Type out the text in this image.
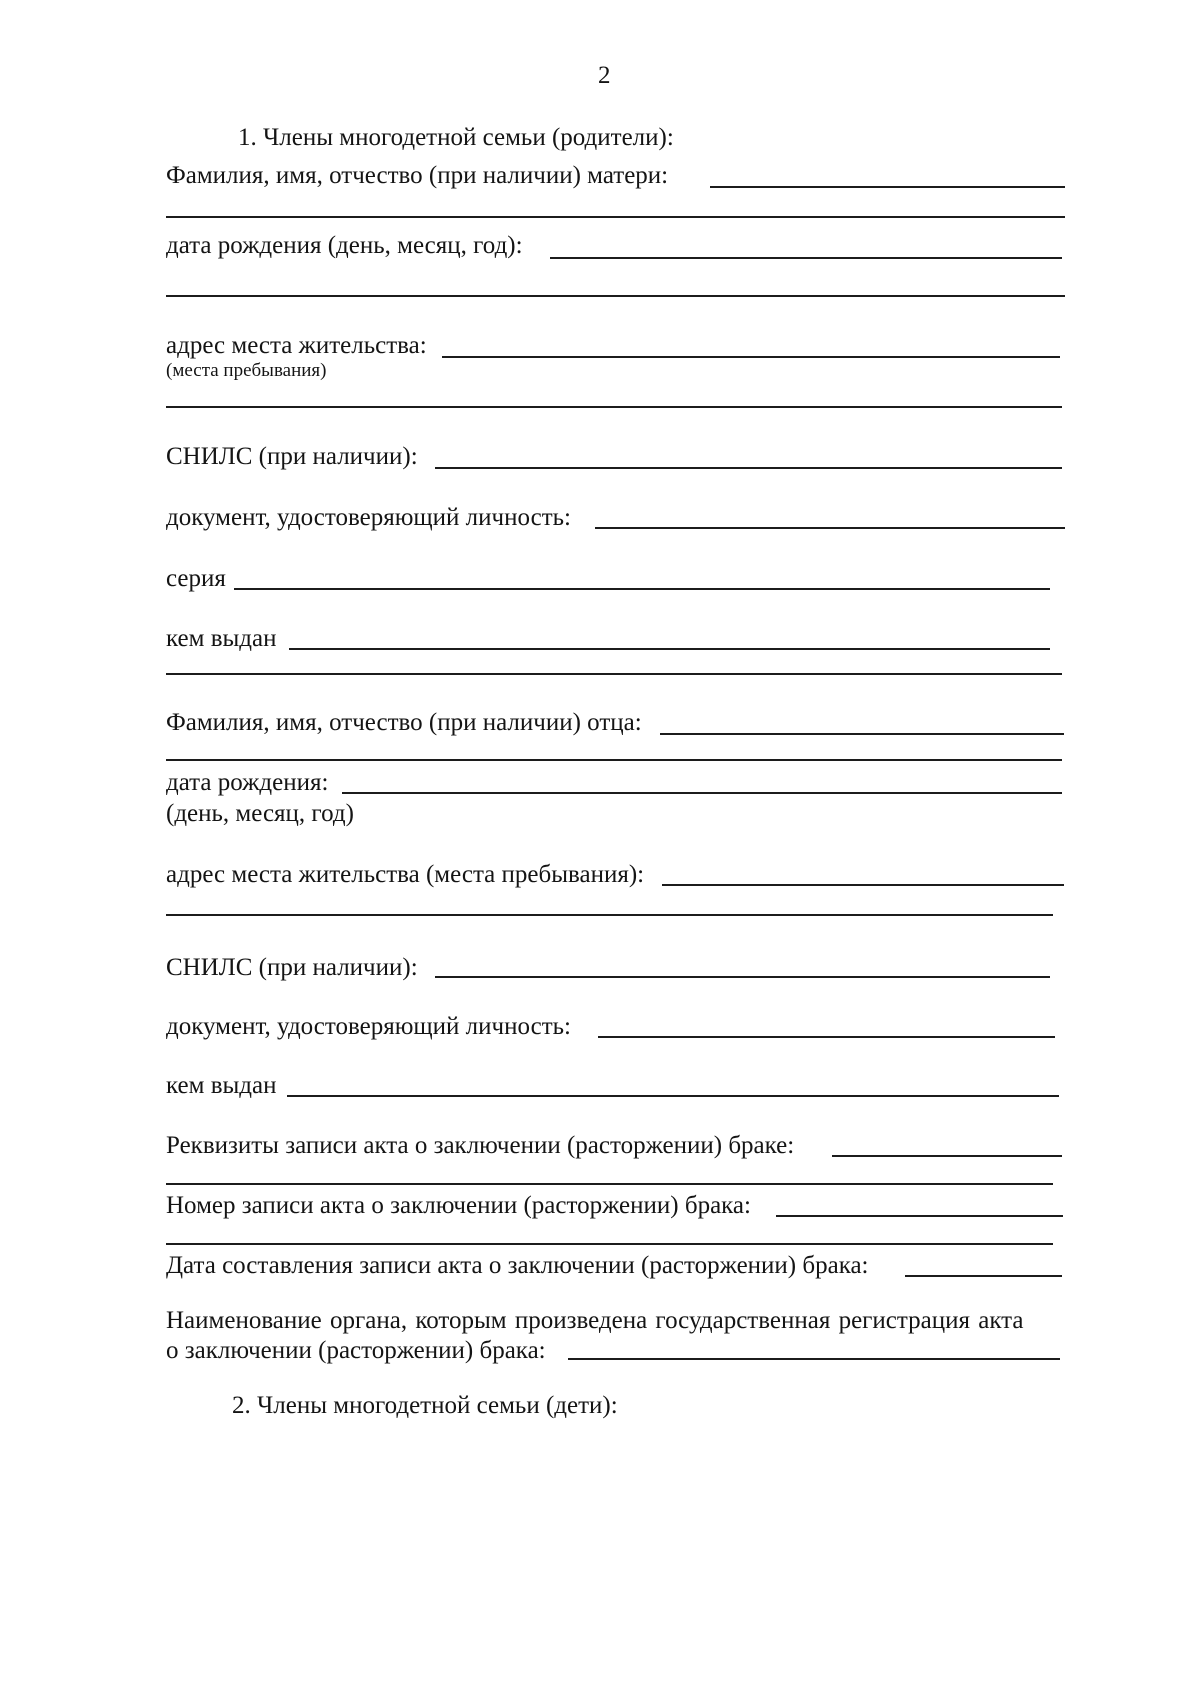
2
1. Члены многодетной семьи (родители):
Фамилия, имя, отчество (при наличии) матери:
дата рождения (день, месяц, год):
адрес места жительства:
(места пребывания)
СНИЛС (при наличии):
документ, удостоверяющий личность:
серия
кем выдан
Фамилия, имя, отчество (при наличии) отца:
дата рождения:
(день, месяц, год)
адрес места жительства (места пребывания):
СНИЛС (при наличии):
документ, удостоверяющий личность:
кем выдан
Реквизиты записи акта о заключении (расторжении) браке:
Номер записи акта о заключении (расторжении) брака:
Дата составления записи акта о заключении (расторжении) брака:
Наименование органа, которым произведена государственная регистрация акта
о заключении (расторжении) брака:
2. Члены многодетной семьи (дети):
